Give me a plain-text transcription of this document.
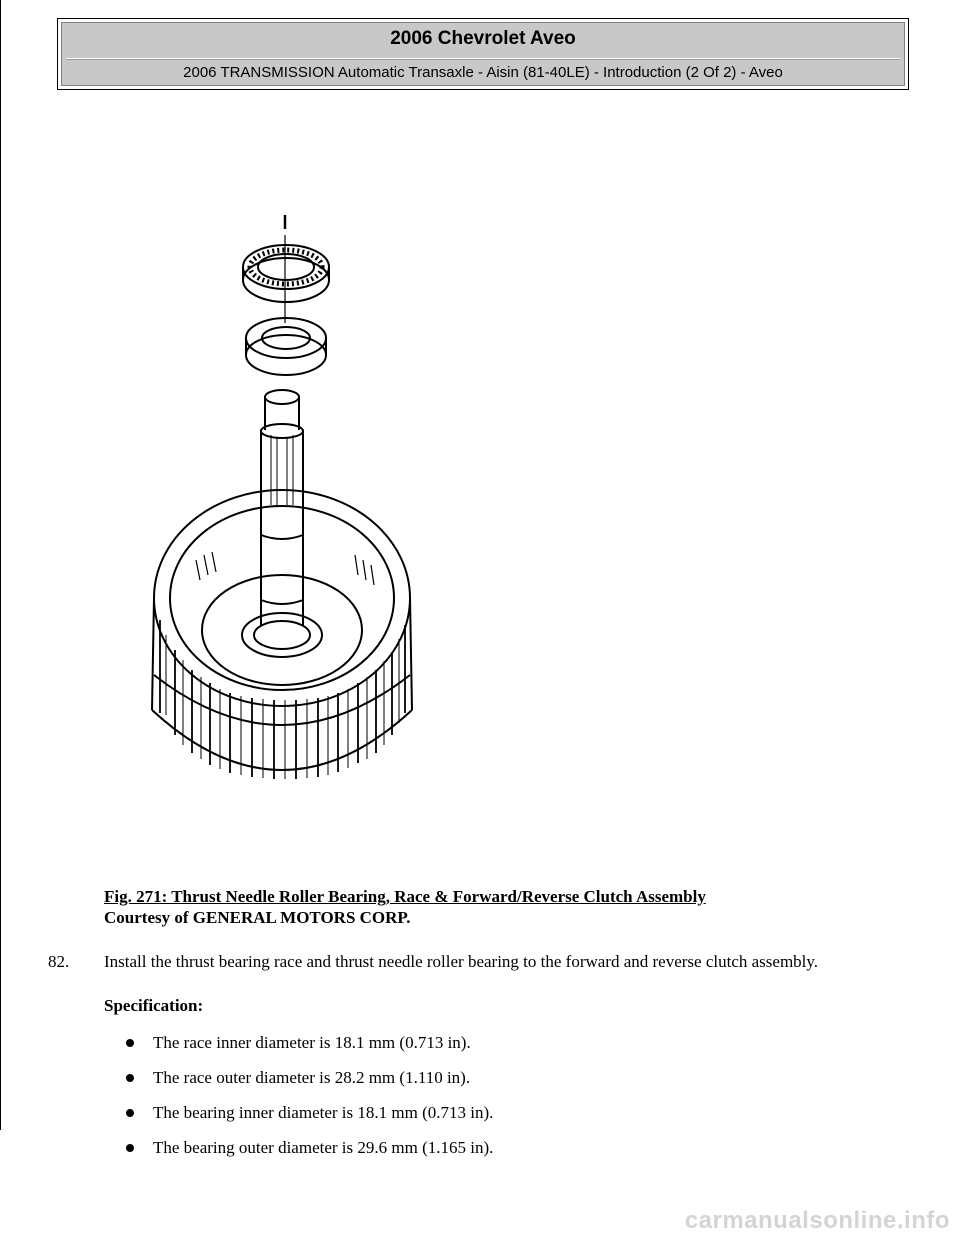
2006 Chevrolet Aveo
2006 TRANSMISSION Automatic Transaxle - Aisin (81-40LE) - Introduction (2 Of 2) - Aveo
Fig. 271: Thrust Needle Roller Bearing, Race & Forward/Reverse Clutch Assembly
Courtesy of GENERAL MOTORS CORP.
82. Install the thrust bearing race and thrust needle roller bearing to the forward and reverse clutch assembly.
Specification:
The race inner diameter is 18.1 mm (0.713 in).
The race outer diameter is 28.2 mm (1.110 in).
The bearing inner diameter is 18.1 mm (0.713 in).
The bearing outer diameter is 29.6 mm (1.165 in).
carmanualsonline.info
